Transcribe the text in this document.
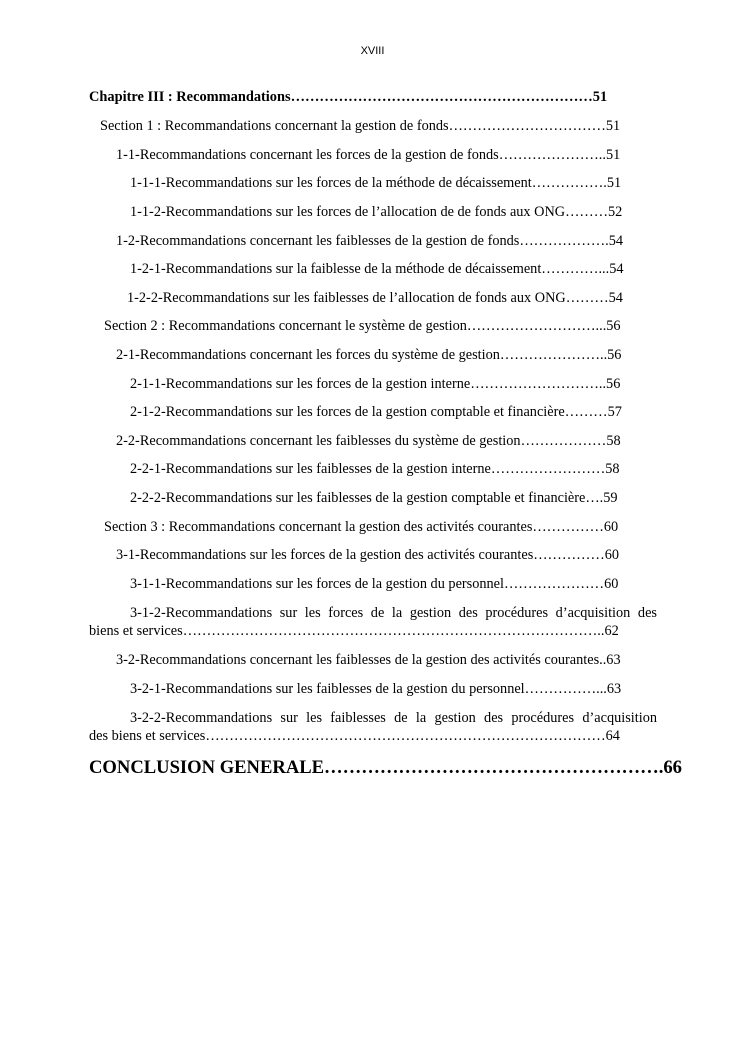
XVIII
Chapitre III : Recommandations………………………………………………………51
Section 1 : Recommandations concernant la gestion de fonds……………………………51
1-1-Recommandations concernant les forces de la gestion de fonds…………………..51
1-1-1-Recommandations sur les forces de la méthode de décaissement…………….51
1-1-2-Recommandations sur les forces de l’allocation de de fonds aux ONG………52
1-2-Recommandations concernant les faiblesses de la gestion de fonds……………….54
1-2-1-Recommandations sur la faiblesse de la méthode de décaissement…………...54
1-2-2-Recommandations sur les faiblesses de l’allocation de fonds aux ONG………54
Section 2 : Recommandations concernant le système de gestion………………………...56
2-1-Recommandations concernant les forces du système de gestion…………………..56
2-1-1-Recommandations sur les forces de la gestion interne………………………..56
2-1-2-Recommandations sur les forces de la gestion comptable et financière………57
2-2-Recommandations concernant les faiblesses du système de gestion………………58
2-2-1-Recommandations sur les faiblesses de la gestion interne……………………58
2-2-2-Recommandations sur les faiblesses de la gestion comptable et financière….59
Section 3 : Recommandations concernant la gestion des activités courantes……………60
3-1-Recommandations sur les forces de la gestion des activités courantes……………60
3-1-1-Recommandations sur les forces de la gestion du personnel…………………60
3-1-2-Recommandations sur les forces de la gestion des procédures d’acquisition des
biens et services……………………………………………………………………………..62
3-2-Recommandations concernant les faiblesses de la gestion des activités courantes..63
3-2-1-Recommandations sur les faiblesses de la gestion du personnel……………...63
3-2-2-Recommandations sur les faiblesses de la gestion des procédures d’acquisition
des biens et services…………………………………………………………………………64
CONCLUSION GENERALE……………………………………………….66
